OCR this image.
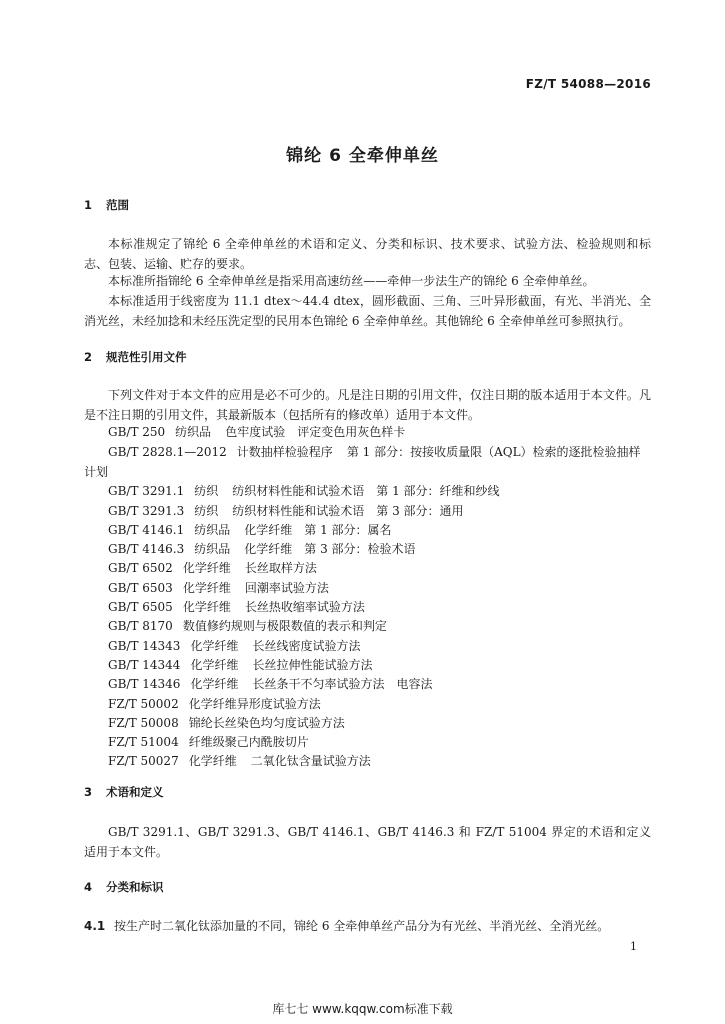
FZ/T 54088—2016
锦纶 6 全牵伸单丝
1 范围
本标准规定了锦纶 6 全牵伸单丝的术语和定义、分类和标识、技术要求、试验方法、检验规则和标志、包装、运输、贮存的要求。
本标准所指锦纶 6 全牵伸单丝是指采用高速纺丝——牵伸一步法生产的锦纶 6 全牵伸单丝。
本标准适用于线密度为 11.1 dtex～44.4 dtex，圆形截面、三角、三叶异形截面，有光、半消光、全消光丝，未经加捻和未经压洗定型的民用本色锦纶 6 全牵伸单丝。其他锦纶 6 全牵伸单丝可参照执行。
2 规范性引用文件
下列文件对于本文件的应用是必不可少的。凡是注日期的引用文件，仅注日期的版本适用于本文件。凡是不注日期的引用文件，其最新版本（包括所有的修改单）适用于本文件。
GB/T 250 纺织品 色牢度试验　评定变色用灰色样卡
GB/T 2828.1—2012 计数抽样检验程序 第 1 部分：按接收质量限（AQL）检索的逐批检验抽样
计划
GB/T 3291.1 纺织 纺织材料性能和试验术语　第 1 部分：纤维和纱线
GB/T 3291.3 纺织 纺织材料性能和试验术语　第 3 部分：通用
GB/T 4146.1 纺织品 化学纤维　第 1 部分：属名
GB/T 4146.3 纺织品 化学纤维　第 3 部分：检验术语
GB/T 6502 化学纤维 长丝取样方法
GB/T 6503 化学纤维 回潮率试验方法
GB/T 6505 化学纤维 长丝热收缩率试验方法
GB/T 8170 数值修约规则与极限数值的表示和判定
GB/T 14343 化学纤维 长丝线密度试验方法
GB/T 14344 化学纤维 长丝拉伸性能试验方法
GB/T 14346 化学纤维 长丝条干不匀率试验方法　电容法
FZ/T 50002 化学纤维异形度试验方法
FZ/T 50008 锦纶长丝染色均匀度试验方法
FZ/T 51004 纤维级聚己内酰胺切片
FZ/T 50027 化学纤维 二氧化钛含量试验方法
3 术语和定义
GB/T 3291.1、GB/T 3291.3、GB/T 4146.1、GB/T 4146.3 和 FZ/T 51004 界定的术语和定义适用于本文件。
4 分类和标识
4.1 按生产时二氧化钛添加量的不同，锦纶 6 全牵伸单丝产品分为有光丝、半消光丝、全消光丝。
1
库七七 www.kqqw.com标准下载
